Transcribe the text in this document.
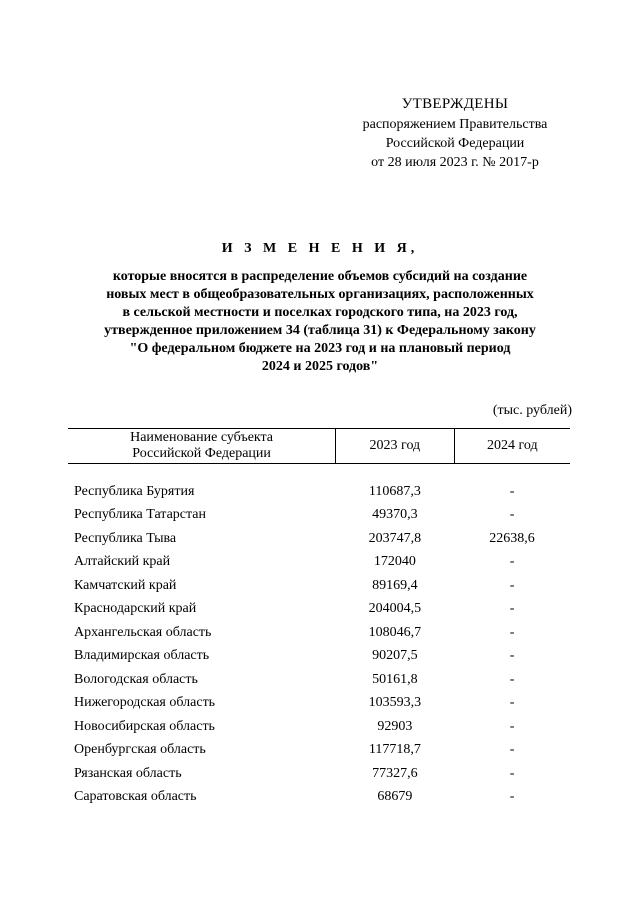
УТВЕРЖДЕНЫ
распоряжением Правительства
Российской Федерации
от 28 июля 2023 г. № 2017-р
И З М Е Н Е Н И Я,
которые вносятся в распределение объемов субсидий на создание
новых мест в общеобразовательных организациях, расположенных
в сельской местности и поселках городского типа, на 2023 год,
утвержденное приложением 34 (таблица 31) к Федеральному закону
"О федеральном бюджете на 2023 год и на плановый период
2024 и 2025 годов"
(тыс. рублей)
Наименование субъекта Российской Федерации	2023 год	2024 год

Республика Бурятия	110687,3	-
Республика Татарстан	49370,3	-
Республика Тыва	203747,8	22638,6
Алтайский край	172040	-
Камчатский край	89169,4	-
Краснодарский край	204004,5	-
Архангельская область	108046,7	-
Владимирская область	90207,5	-
Вологодская область	50161,8	-
Нижегородская область	103593,3	-
Новосибирская область	92903	-
Оренбургская область	117718,7	-
Рязанская область	77327,6	-
Саратовская область	68679	-
